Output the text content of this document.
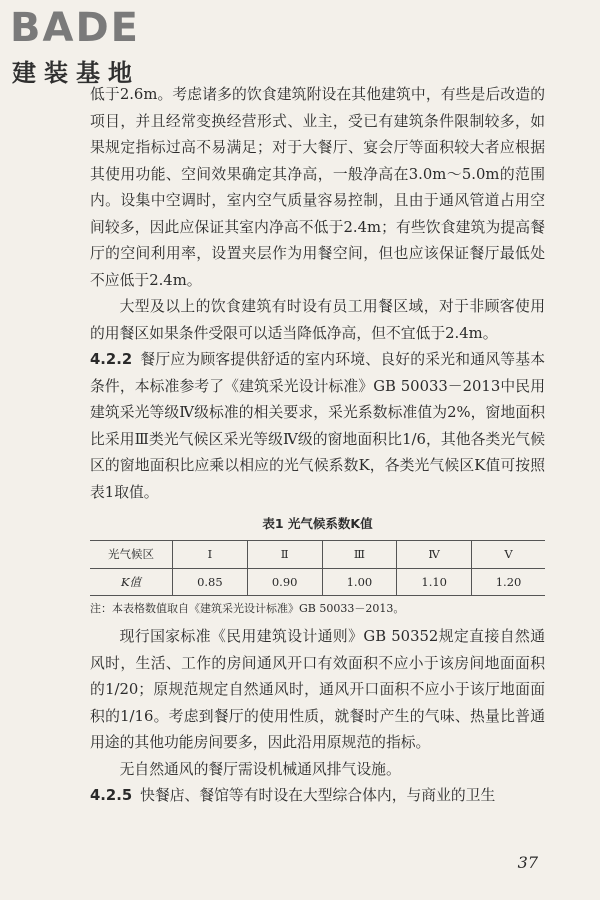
BADE
建装基地

低于2.6m。考虑诸多的饮食建筑附设在其他建筑中，有些是后改造的项目，并且经常变换经营形式、业主，受已有建筑条件限制较多，如果规定指标过高不易满足；对于大餐厅、宴会厅等面积较大者应根据其使用功能、空间效果确定其净高，一般净高在3.0m～5.0m的范围内。设集中空调时，室内空气质量容易控制，且由于通风管道占用空间较多，因此应保证其室内净高不低于2.4m；有些饮食建筑为提高餐厅的空间利用率，设置夹层作为用餐空间，但也应该保证餐厅最低处不应低于2.4m。

大型及以上的饮食建筑有时设有员工用餐区域，对于非顾客使用的用餐区如果条件受限可以适当降低净高，但不宜低于2.4m。

4.2.2 餐厅应为顾客提供舒适的室内环境、良好的采光和通风等基本条件，本标准参考了《建筑采光设计标准》GB 50033－2013中民用建筑采光等级Ⅳ级标准的相关要求，采光系数标准值为2%，窗地面积比采用Ⅲ类光气候区采光等级Ⅳ级的窗地面积比1/6，其他各类光气候区的窗地面积比应乘以相应的光气候系数K，各类光气候区K值可按照表1取值。

表1 光气候系数K值
光气候区	Ⅰ	Ⅱ	Ⅲ	Ⅳ	Ⅴ
K值	0.85	0.90	1.00	1.10	1.20
注：本表格数值取自《建筑采光设计标准》GB 50033－2013。

现行国家标准《民用建筑设计通则》GB 50352规定直接自然通风时，生活、工作的房间通风开口有效面积不应小于该房间地面面积的1/20；原规范规定自然通风时，通风开口面积不应小于该厅地面面积的1/16。考虑到餐厅的使用性质，就餐时产生的气味、热量比普通用途的其他功能房间要多，因此沿用原规范的指标。

无自然通风的餐厅需设机械通风排气设施。

4.2.5 快餐店、餐馆等有时设在大型综合体内，与商业的卫生

37
